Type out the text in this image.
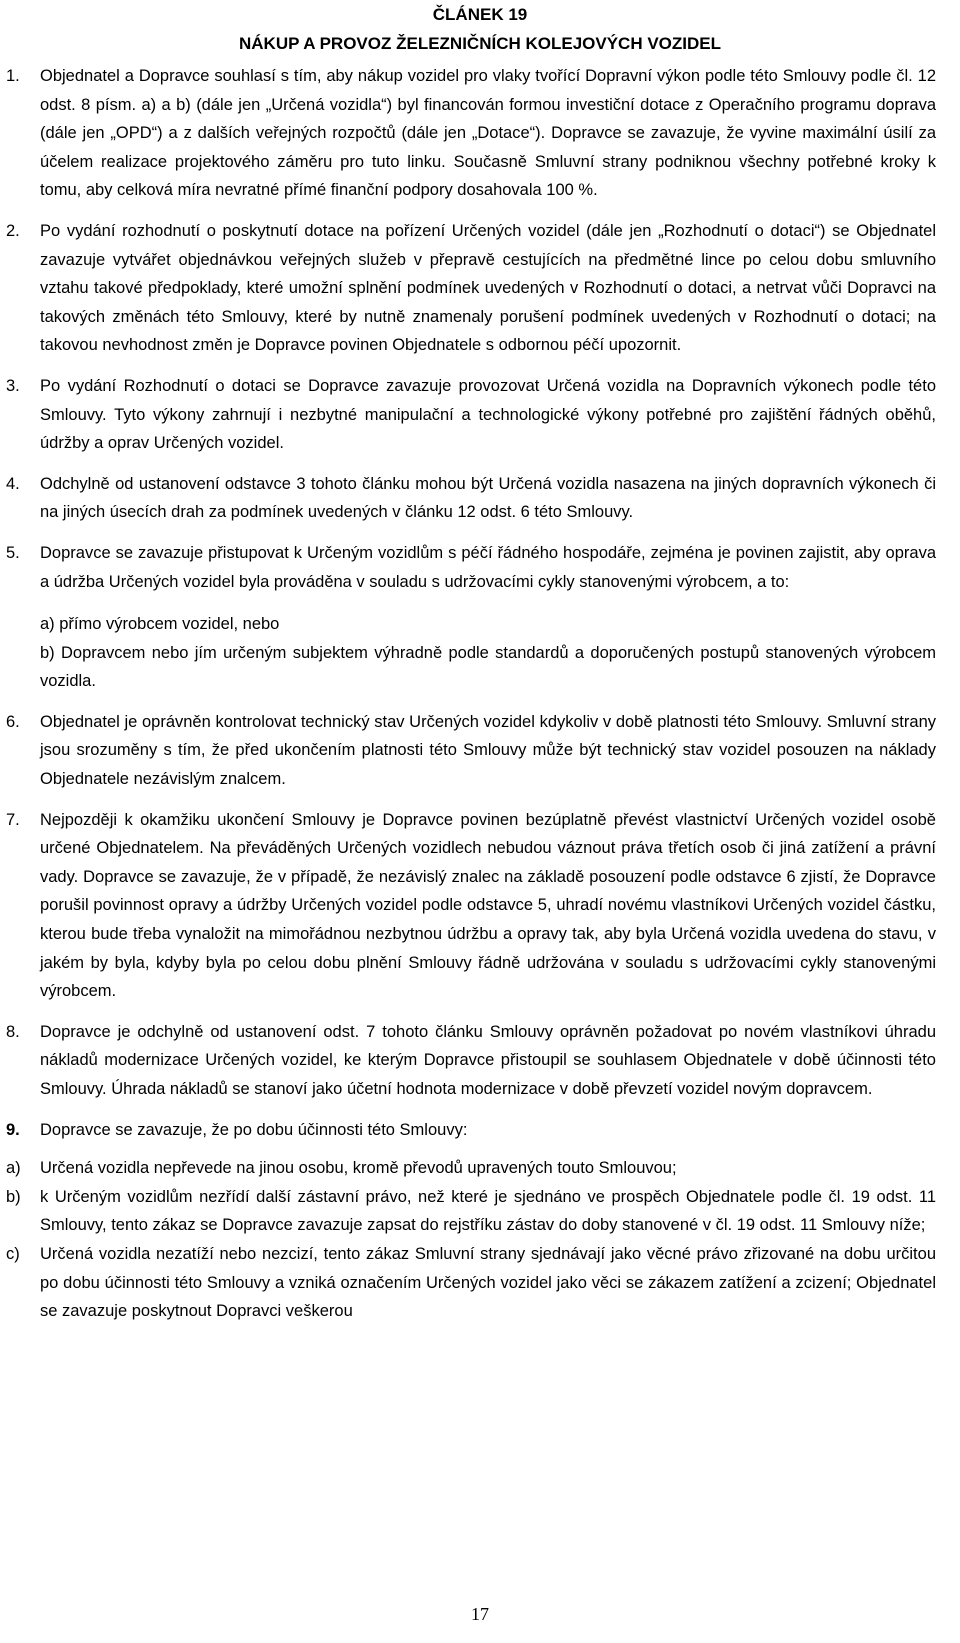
ČLÁNEK 19
NÁKUP A PROVOZ ŽELEZNIČNÍCH KOLEJOVÝCH VOZIDEL
1.	Objednatel a Dopravce souhlasí s tím, aby nákup vozidel pro vlaky tvořící Dopravní výkon podle této Smlouvy podle čl. 12 odst. 8 písm. a) a b) (dále jen „Určená vozidla“) byl financován formou investiční dotace z Operačního programu doprava (dále jen „OPD“) a z dalších veřejných rozpočtů (dále jen „Dotace“). Dopravce se zavazuje, že vyvine maximální úsilí za účelem realizace projektového záměru pro tuto linku. Současně Smluvní strany podniknou všechny potřebné kroky k tomu, aby celková míra nevratné přímé finanční podpory dosahovala 100 %.
2.	Po vydání rozhodnutí o poskytnutí dotace na pořízení Určených vozidel (dále jen „Rozhodnutí o dotaci“) se Objednatel zavazuje vytvářet objednávkou veřejných služeb v přepravě cestujících na předmětné lince po celou dobu smluvního vztahu takové předpoklady, které umožní splnění podmínek uvedených v Rozhodnutí o dotaci, a netrvat vůči Dopravci na takových změnách této Smlouvy, které by nutně znamenaly porušení podmínek uvedených v Rozhodnutí o dotaci; na takovou nevhodnost změn je Dopravce povinen Objednatele s odbornou péčí upozornit.
3.	Po vydání Rozhodnutí o dotaci se Dopravce zavazuje provozovat Určená vozidla na Dopravních výkonech podle této Smlouvy. Tyto výkony zahrnují i nezbytné manipulační a technologické výkony potřebné pro zajištění řádných oběhů, údržby a oprav Určených vozidel.
4.	Odchylně od ustanovení odstavce 3 tohoto článku mohou být Určená vozidla nasazena na jiných dopravních výkonech či na jiných úsecích drah za podmínek uvedených v článku 12 odst. 6 této Smlouvy.
5.	Dopravce se zavazuje přistupovat k Určeným vozidlům s péčí řádného hospodáře, zejména je povinen zajistit, aby oprava a údržba Určených vozidel byla prováděna v souladu s udržovacími cykly stanovenými výrobcem, a to:
a) přímo výrobcem vozidel, nebo
b) Dopravcem nebo jím určeným subjektem výhradně podle standardů a doporučených postupů stanovených výrobcem vozidla.
6.	Objednatel je oprávněn kontrolovat technický stav Určených vozidel kdykoliv v době platnosti této Smlouvy. Smluvní strany jsou srozuměny s tím, že před ukončením platnosti této Smlouvy může být technický stav vozidel posouzen na náklady Objednatele nezávislým znalcem.
7.	Nejpozději k okamžiku ukončení Smlouvy je Dopravce povinen bezúplatně převést vlastnictví Určených vozidel osobě určené Objednatelem. Na převáděných Určených vozidlech nebudou váznout práva třetích osob či jiná zatížení a právní vady. Dopravce se zavazuje, že v případě, že nezávislý znalec na základě posouzení podle odstavce 6 zjistí, že Dopravce porušil povinnost opravy a údržby Určených vozidel podle odstavce 5, uhradí novému vlastníkovi Určených vozidel částku, kterou bude třeba vynaložit na mimořádnou nezbytnou údržbu a opravy tak, aby byla Určená vozidla uvedena do stavu, v jakém by byla, kdyby byla po celou dobu plnění Smlouvy řádně udržována v souladu s udržovacími cykly stanovenými výrobcem.
8.	Dopravce je odchylně od ustanovení odst. 7 tohoto článku Smlouvy oprávněn požadovat po novém vlastníkovi úhradu nákladů modernizace Určených vozidel, ke kterým Dopravce přistoupil se souhlasem Objednatele v době účinnosti této Smlouvy. Úhrada nákladů se stanoví jako účetní hodnota modernizace v době převzetí vozidel novým dopravcem.
9.	Dopravce se zavazuje, že po dobu účinnosti této Smlouvy:
a)	Určená vozidla nepřevede na jinou osobu, kromě převodů upravených touto Smlouvou;
b)	k Určeným vozidlům nezřídí další zástavní právo, než které je sjednáno ve prospěch Objednatele podle čl. 19 odst. 11 Smlouvy, tento zákaz se Dopravce zavazuje zapsat do rejstříku zástav do doby stanovené v čl. 19 odst. 11 Smlouvy níže;
c)	Určená vozidla nezatíží nebo nezcizí, tento zákaz Smluvní strany sjednávají jako věcné právo zřizované na dobu určitou po dobu účinnosti této Smlouvy a vzniká označením Určených vozidel jako věci se zákazem zatížení a zcizení; Objednatel se zavazuje poskytnout Dopravci veškerou
17
